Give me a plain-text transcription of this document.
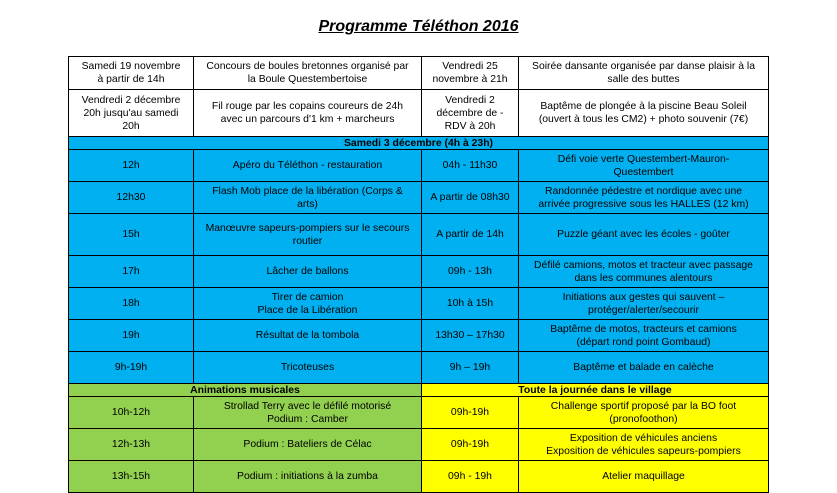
Programme Téléthon 2016
Samedi 19 novembre
à partir de 14h	Concours de boules bretonnes organisé par
la Boule Questembertoise	Vendredi 25
novembre à 21h	Soirée dansante organisée par danse plaisir à la
salle des buttes

Vendredi 2 décembre
20h jusqu'au samedi
20h	Fil rouge par les copains coureurs de 24h
avec un parcours d'1 km + marcheurs	Vendredi 2
décembre de -
RDV à 20h	Baptême de plongée à la piscine Beau Soleil
(ouvert à tous les CM2) + photo souvenir (7€)

Samedi 3 décembre (4h à 23h)			

12h	Apéro du Téléthon - restauration	04h - 11h30	Défi voie verte Questembert-Mauron-
Questembert

12h30	Flash Mob place de la libération (Corps &
arts)	A partir de 08h30	Randonnée pédestre et nordique avec une
arrivée progressive sous les HALLES (12 km)

15h	Manœuvre sapeurs-pompiers sur le secours
routier	A partir de 14h	Puzzle géant avec les écoles - goûter

17h	Lâcher de ballons	09h - 13h	Défilé camions, motos et tracteur avec passage
dans les communes alentours

18h	Tirer de camion
Place de la Libération	10h à 15h	Initiations aux gestes qui sauvent –
protéger/alerter/secourir

19h	Résultat de la tombola	13h30 – 17h30	Baptême de motos, tracteurs et camions
(départ rond point Gombaud)

9h-19h	Tricoteuses	9h – 19h	Baptême et balade en calèche

Animations musicales		Toute la journée dans le village	

10h-12h	Strollad Terry avec le défilé motorisé
Podium : Camber	09h-19h	Challenge sportif proposé par la BO foot
(pronofoothon)

12h-13h	Podium : Bateliers de Célac	09h-19h	Exposition de véhicules anciens
Exposition de véhicules sapeurs-pompiers

13h-15h	Podium : initiations à la zumba	09h - 19h	Atelier maquillage
